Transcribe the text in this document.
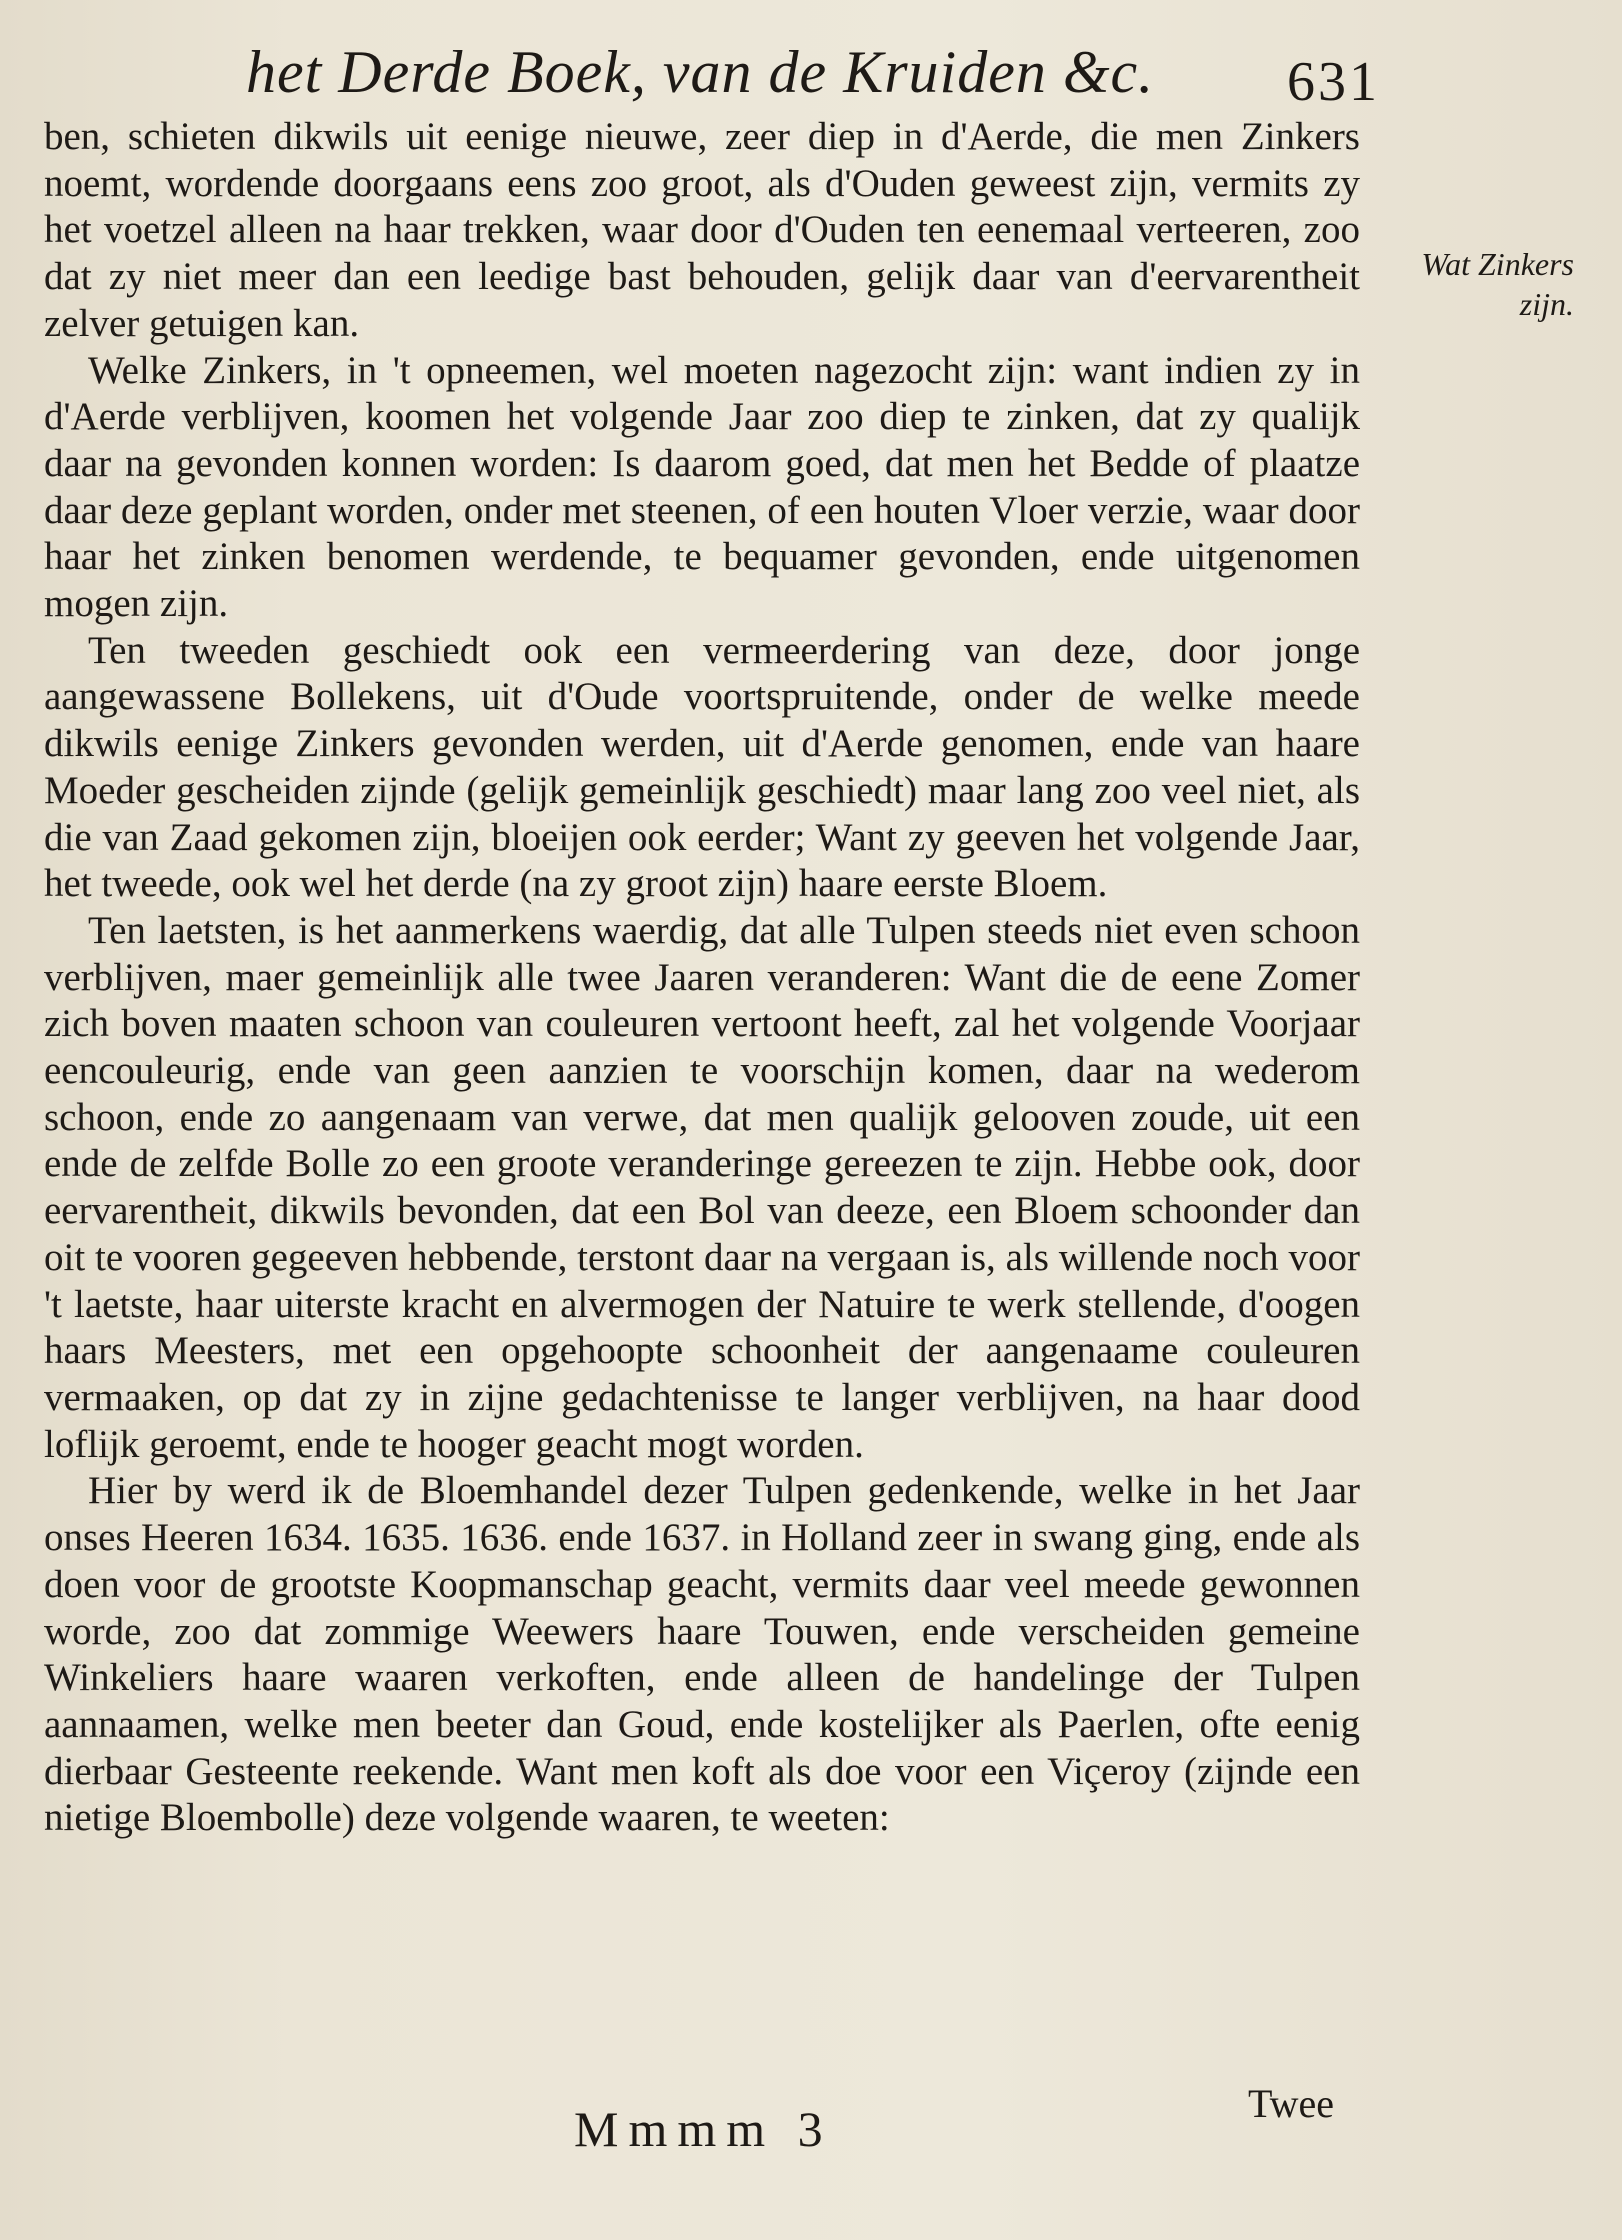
het Derde Boek, van de Kruiden &c. 631

ben, schieten dikwils uit eenige nieuwe, zeer diep in d'Aerde, die men Zinkers noemt, wordende doorgaans eens zoo groot, als d'Ouden geweest zijn, vermits zy het voetzel alleen na haar trekken, waar door d'Ouden ten eenemaal verteeren, zoo dat zy niet meer dan een leedige bast behouden, gelijk daar van d'eervarentheit zelver getuigen kan.

Welke Zinkers, in 't opneemen, wel moeten nagezocht zijn: want indien zy in d'Aerde verblijven, koomen het volgende Jaar zoo diep te zinken, dat zy qualijk daar na gevonden konnen worden: Is daarom goed, dat men het Bedde of plaatze daar deze geplant worden, onder met steenen, of een houten Vloer verzie, waar door haar het zinken benomen werdende, te bequamer gevonden, ende uitgenomen mogen zijn.

Ten tweeden geschiedt ook een vermeerdering van deze, door jonge aangewassene Bollekens, uit d'Oude voortspruitende, onder de welke meede dikwils eenige Zinkers gevonden werden, uit d'Aerde genomen, ende van haare Moeder gescheiden zijnde (gelijk gemeinlijk geschiedt) maar lang zoo veel niet, als die van Zaad gekomen zijn, bloeijen ook eerder; Want zy geeven het volgende Jaar, het tweede, ook wel het derde (na zy groot zijn) haare eerste Bloem.

Ten laetsten, is het aanmerkens waerdig, dat alle Tulpen steeds niet even schoon verblijven, maer gemeinlijk alle twee Jaaren veranderen: Want die de eene Zomer zich boven maaten schoon van couleuren vertoont heeft, zal het volgende Voorjaar eencouleurig, ende van geen aanzien te voorschijn komen, daar na wederom schoon, ende zo aangenaam van verwe, dat men qualijk gelooven zoude, uit een ende de zelfde Bolle zo een groote veranderinge gereezen te zijn. Hebbe ook, door eervarentheit, dikwils bevonden, dat een Bol van deeze, een Bloem schoonder dan oit te vooren gegeeven hebbende, terstont daar na vergaan is, als willende noch voor 't laetste, haar uiterste kracht en alvermogen der Natuire te werk stellende, d'oogen haars Meesters, met een opgehoopte schoonheit der aangenaame couleuren vermaaken, op dat zy in zijne gedachtenisse te langer verblijven, na haar dood loflijk geroemt, ende te hooger geacht mogt worden.

Hier by werd ik de Bloemhandel dezer Tulpen gedenkende, welke in het Jaar onses Heeren 1634. 1635. 1636. ende 1637. in Holland zeer in swang ging, ende als doen voor de grootste Koopmanschap geacht, vermits daar veel meede gewonnen worde, zoo dat zommige Weewers haare Touwen, ende verscheiden gemeine Winkeliers haare waaren verkoften, ende alleen de handelinge der Tulpen aannaamen, welke men beeter dan Goud, ende kostelijker als Paerlen, ofte eenig dierbaar Gesteente reekende. Want men koft als doe voor een Viçeroy (zijnde een nietige Bloembolle) deze volgende waaren, te weeten:

Wat Zinkers zijn.
Mmmm 3	Twee
